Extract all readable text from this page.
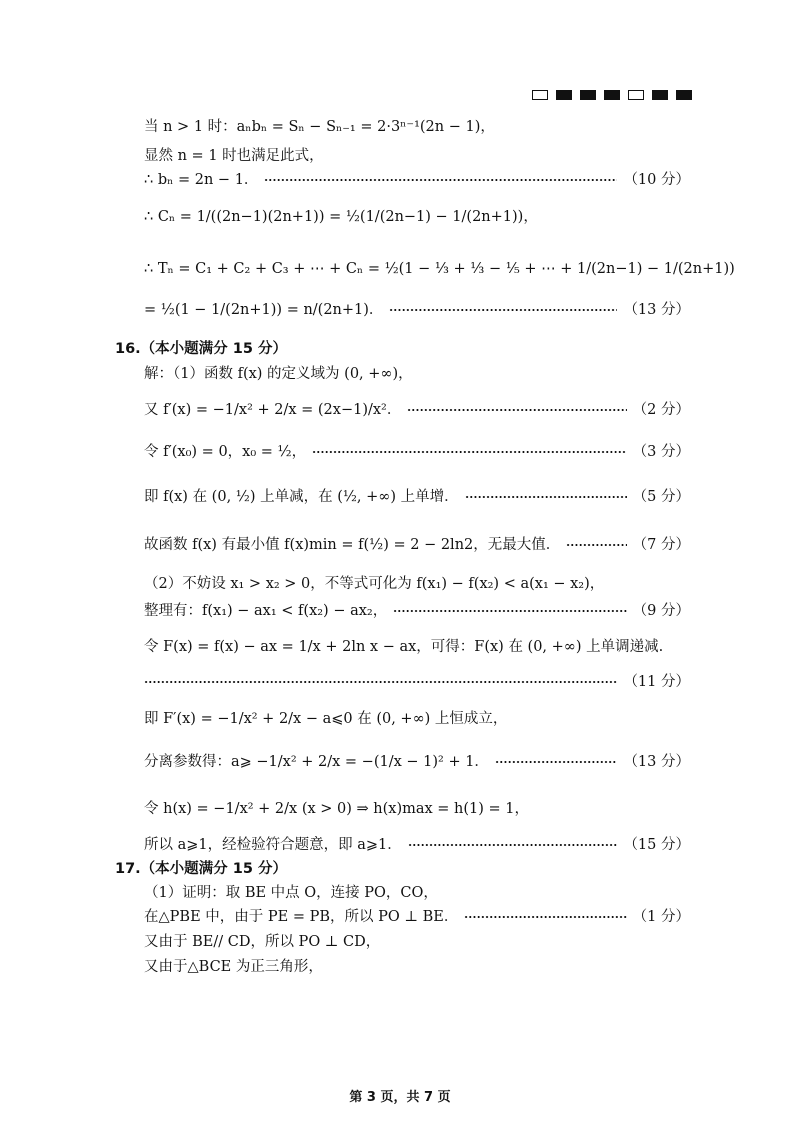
当 n > 1 时：aₙbₙ = Sₙ − Sₙ₋₁ = 2·3ⁿ⁻¹(2n − 1)，
显然 n = 1 时也满足此式，
∴ bₙ = 2n − 1．	（10 分）
∴ Cₙ = 1/((2n−1)(2n+1)) = ½(1/(2n−1) − 1/(2n+1))，
∴ Tₙ = C₁ + C₂ + C₃ + ⋯ + Cₙ = ½(1 − ⅓ + ⅓ − ⅕ + ⋯ + 1/(2n−1) − 1/(2n+1))
= ½(1 − 1/(2n+1)) = n/(2n+1)．	（13 分）
16.（本小题满分 15 分）
解：（1）函数 f(x) 的定义域为 (0, +∞)，
又 f′(x) = −1/x² + 2/x = (2x−1)/x²．	（2 分）
令 f′(x₀) = 0，x₀ = ½，	（3 分）
即 f(x) 在 (0, ½) 上单减，在 (½, +∞) 上单增．	（5 分）
故函数 f(x) 有最小值 f(x)min = f(½) = 2 − 2ln2，无最大值．	（7 分）
（2）不妨设 x₁ > x₂ > 0，不等式可化为 f(x₁) − f(x₂) < a(x₁ − x₂)，
整理有：f(x₁) − ax₁ < f(x₂) − ax₂，	（9 分）
令 F(x) = f(x) − ax = 1/x + 2ln x − ax，可得：F(x) 在 (0, +∞) 上单调递减.
（11 分）
即 F′(x) = −1/x² + 2/x − a⩽0 在 (0, +∞) 上恒成立，
分离参数得：a⩾ −1/x² + 2/x = −(1/x − 1)² + 1．	（13 分）
令 h(x) = −1/x² + 2/x (x > 0) ⇒ h(x)max = h(1) = 1，
所以 a⩾1，经检验符合题意，即 a⩾1．	（15 分）
17.（本小题满分 15 分）
（1）证明：取 BE 中点 O，连接 PO，CO，
在△PBE 中，由于 PE = PB，所以 PO ⊥ BE．	（1 分）
又由于 BE// CD，所以 PO ⊥ CD，
又由于△BCE 为正三角形，
第 3 页，共 7 页
